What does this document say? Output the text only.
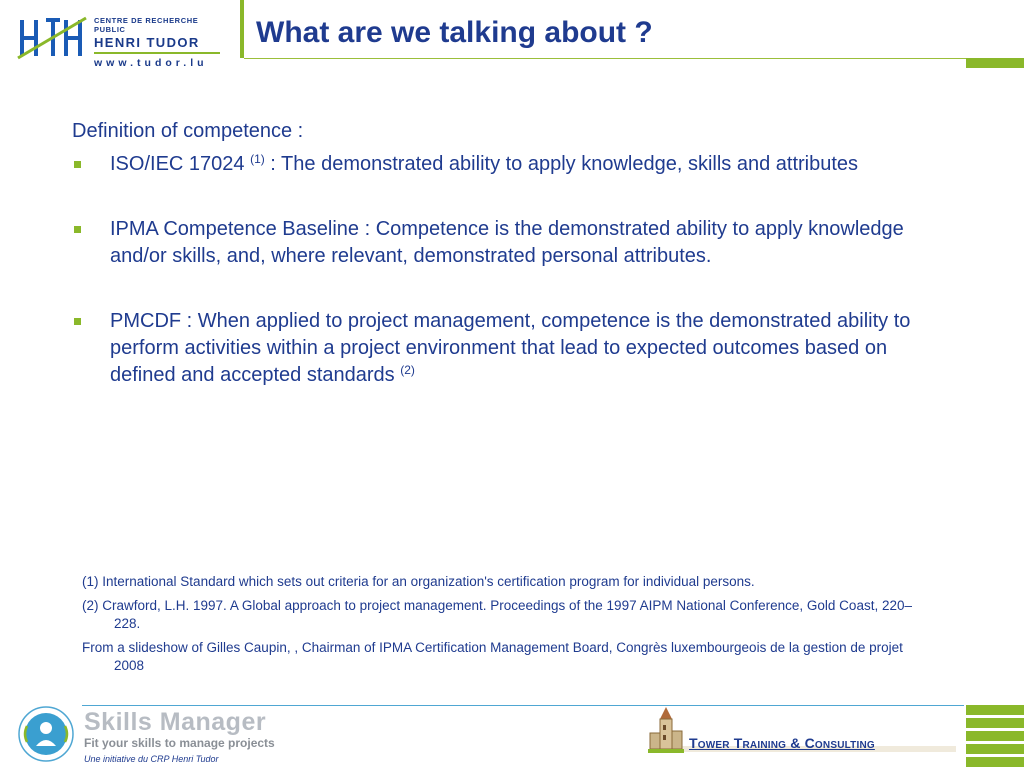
CENTRE DE RECHERCHE PUBLIC
HENRI TUDOR
www.tudor.lu
What are we talking about ?

Definition of competence :

ISO/IEC 17024 $^{(1)}$ : The demonstrated ability to apply knowledge, skills and attributes
IPMA Competence Baseline : Competence is the demonstrated ability to apply knowledge and/or skills, and, where relevant, demonstrated personal attributes.
PMCDF : When applied to project management, competence is the demonstrated ability to perform activities within a project environment that lead to expected outcomes based on defined and accepted standards $^{(2)}$

(1) International Standard which sets out criteria for an organization's certification program for individual persons.

(2) Crawford, L.H. 1997. A Global approach to project management. Proceedings of the 1997 AIPM National Conference, Gold Coast, 220–228.

From a slideshow of Gilles Caupin, , Chairman of IPMA Certification Management Board, Congrès luxembourgeois de la gestion de projet 2008

Skills Manager
Fit your skills to manage projects
Une initiative du CRP Henri Tudor
Tower Training & Consulting
